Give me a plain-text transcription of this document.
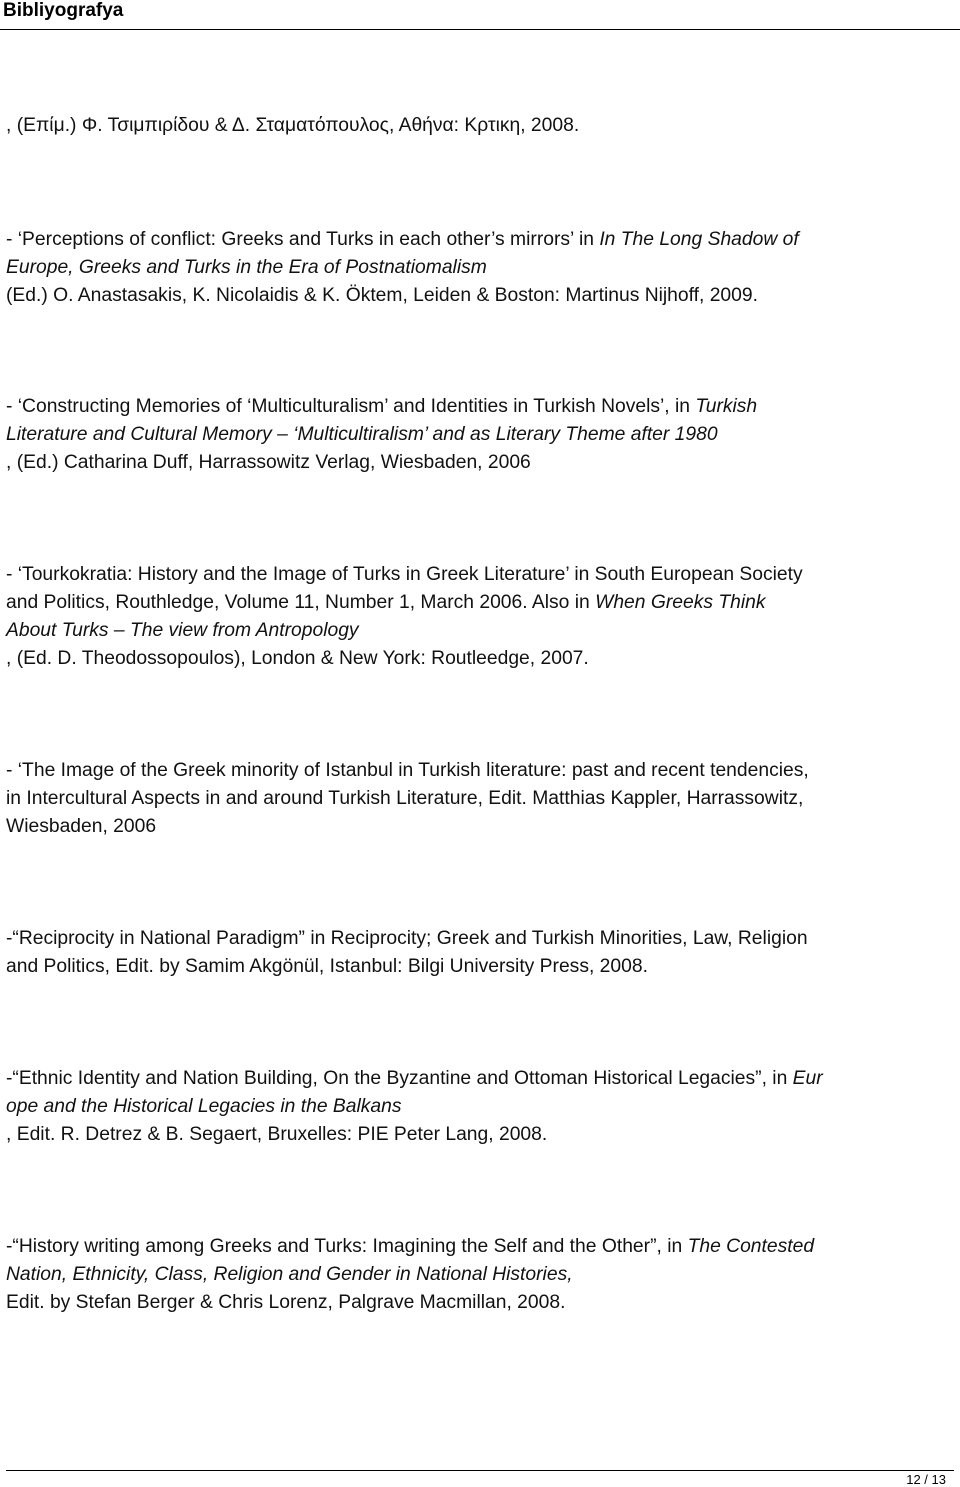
Bibliyografya
, (Επίμ.) Φ. Τσιμπιρίδου & Δ. Σταματόπουλος, Αθήνα: Κρτικη, 2008.
- ‘Perceptions of conflict: Greeks and Turks in each other’s mirrors’ in In The Long Shadow of
Europe, Greeks and Turks in the Era of Postnatiomalism
(Ed.) O. Anastasakis, K. Nicolaidis & K. Öktem, Leiden & Boston: Martinus Nijhoff, 2009.
- ‘Constructing Memories of ‘Multiculturalism’ and Identities in Turkish Novels’, in Turkish
Literature and Cultural Memory – ‘Multicultiralism’ and as Literary Theme after 1980
, (Ed.) Catharina Duff, Harrassowitz Verlag, Wiesbaden, 2006
- ‘Tourkokratia: History and the Image of Turks in Greek Literature’ in South European Society
and Politics, Routhledge, Volume 11, Number 1, March 2006. Also in When Greeks Think
About Turks – The view from Antropology
, (Ed. D. Theodossopoulos), London & New York: Routleedge, 2007.
- ‘The Image of the Greek minority of Istanbul in Turkish literature: past and recent tendencies,
in Intercultural Aspects in and around Turkish Literature, Edit. Matthias Kappler, Harrassowitz,
Wiesbaden, 2006
-“Reciprocity in National Paradigm” in Reciprocity; Greek and Turkish Minorities, Law, Religion
and Politics, Edit. by Samim Akgönül, Istanbul: Bilgi University Press, 2008.
-“Ethnic Identity and Nation Building, On the Byzantine and Ottoman Historical Legacies”, in Eur
ope and the Historical Legacies in the Balkans
, Edit. R. Detrez & B. Segaert, Bruxelles: PIE Peter Lang, 2008.
-“History writing among Greeks and Turks: Imagining the Self and the Other”, in The Contested
Nation, Ethnicity, Class, Religion and Gender in National Histories,
Edit. by Stefan Berger & Chris Lorenz, Palgrave Macmillan, 2008.
12 / 13
